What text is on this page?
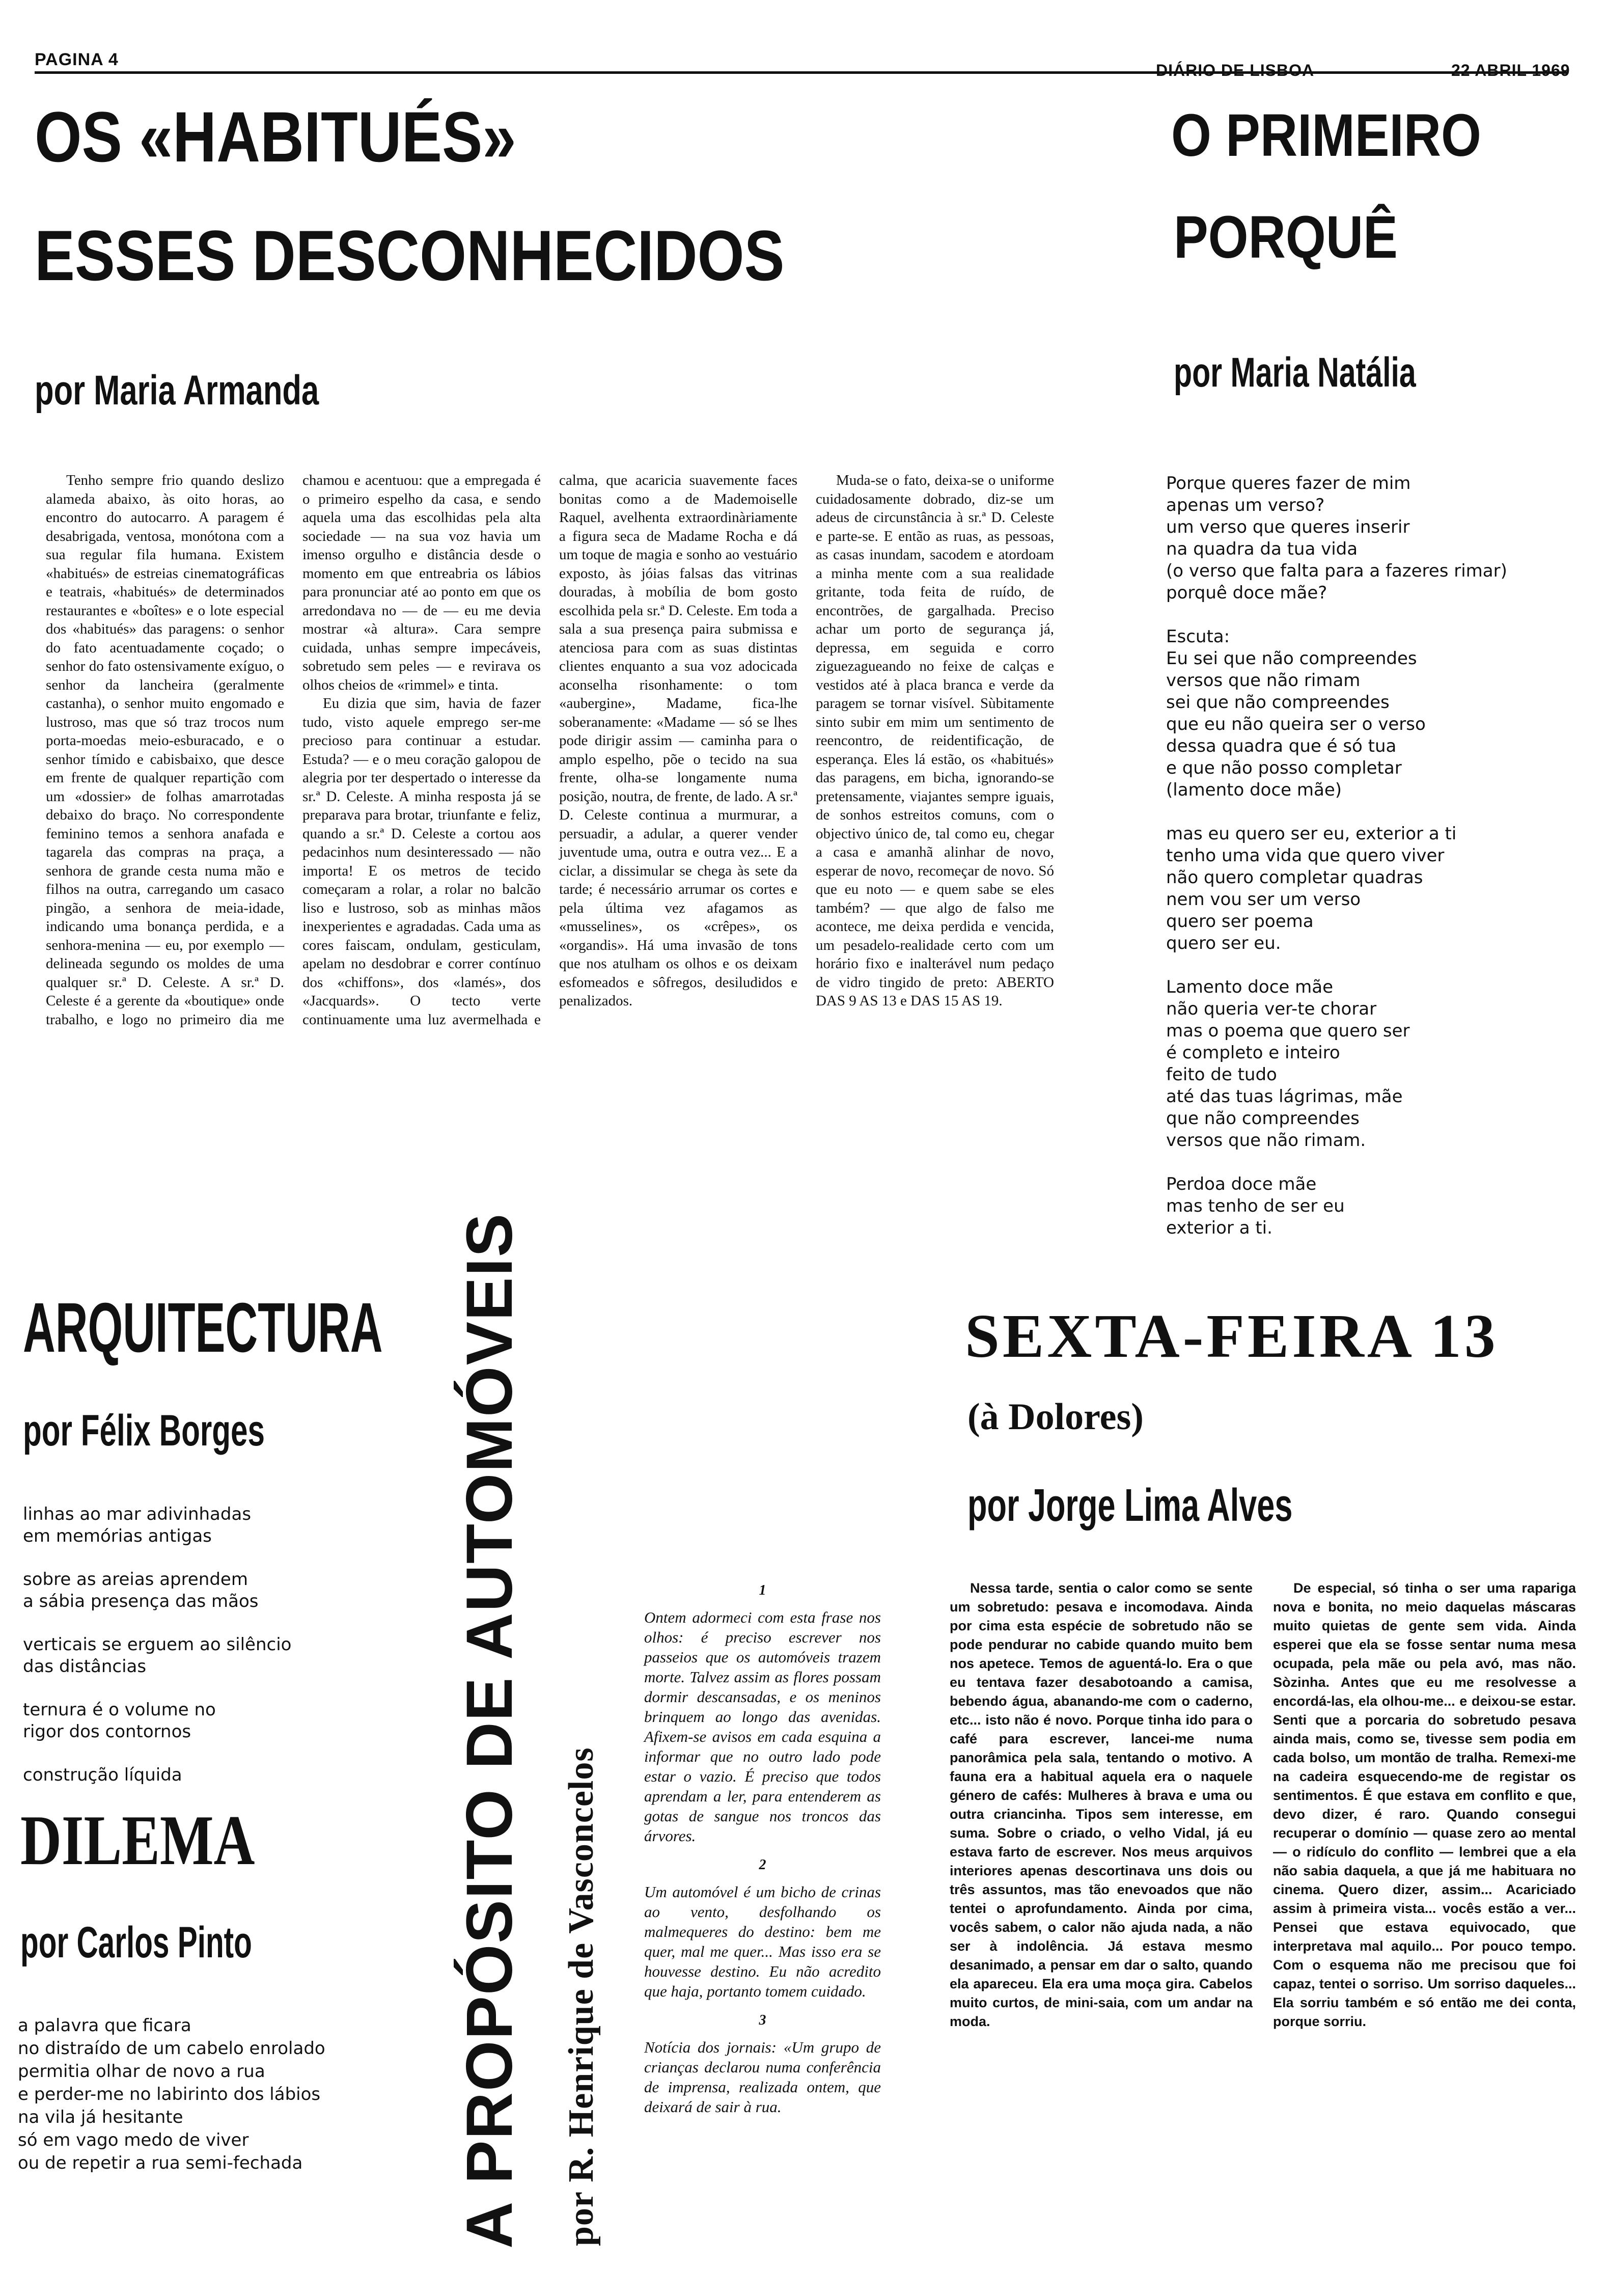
PAGINA 4
DIÁRIO DE LISBOA	22 ABRIL 1969
OS «HABITUÉS»
ESSES DESCONHECIDOS
por Maria Armanda

Tenho sempre frio quando deslizo alameda abaixo, às oito horas, ao encontro do autocarro. A paragem é desabrigada, ventosa, monótona com a sua regular fila humana. Existem «habitués» de estreias cinematográficas e teatrais, «habitués» de determinados restaurantes e «boîtes» e o lote especial dos «habitués» das paragens: o senhor do fato acentuadamente coçado; o senhor do fato ostensivamente exíguo, o senhor da lancheira (geralmente castanha), o senhor muito engomado e lustroso, mas que só traz trocos num porta-moedas meio-esburacado, e o senhor tímido e cabisbaixo, que desce em frente de qualquer repartição com um «dossier» de folhas amarrotadas debaixo do braço. No correspondente feminino temos a senhora anafada e tagarela das compras na praça, a senhora de grande cesta numa mão e filhos na outra, carregando um casaco pingão, a senhora de meia-idade, indicando uma bonança perdida, e a senhora-menina — eu, por exemplo — delineada segundo os moldes de uma qualquer sr.ª D. Celeste. A sr.ª D. Celeste é a gerente da «boutique» onde trabalho, e logo no primeiro dia me chamou e acentuou: que a empregada é o primeiro espelho da casa, e sendo aquela uma das escolhidas pela alta sociedade — na sua voz havia um imenso orgulho e distância desde o momento em que entreabria os lábios para pronunciar até ao ponto em que os arredondava no — de — eu me devia mostrar «à altura». Cara sempre cuidada, unhas sempre impecáveis, sobretudo sem peles — e revirava os olhos cheios de «rimmel» e tinta.

Eu dizia que sim, havia de fazer tudo, visto aquele emprego ser-me precioso para continuar a estudar. Estuda? — e o meu coração galopou de alegria por ter despertado o interesse da sr.ª D. Celeste. A minha resposta já se preparava para brotar, triunfante e feliz, quando a sr.ª D. Celeste a cortou aos pedacinhos num desinteressado — não importa! E os metros de tecido começaram a rolar, a rolar no balcão liso e lustroso, sob as minhas mãos inexperientes e agradadas. Cada uma as cores faiscam, ondulam, gesticulam, apelam no desdobrar e correr contínuo dos «chiffons», dos «lamés», dos «Jacquards». O tecto verte continuamente uma luz avermelhada e calma, que acaricia suavemente faces bonitas como a de Mademoiselle Raquel, avelhenta extraordinàriamente a figura seca de Madame Rocha e dá um toque de magia e sonho ao vestuário exposto, às jóias falsas das vitrinas douradas, à mobília de bom gosto escolhida pela sr.ª D. Celeste. Em toda a sala a sua presença paira submissa e atenciosa para com as suas distintas clientes enquanto a sua voz adocicada aconselha risonhamente: o tom «aubergine», Madame, fica-lhe soberanamente: «Madame — só se lhes pode dirigir assim — caminha para o amplo espelho, põe o tecido na sua frente, olha-se longamente numa posição, noutra, de frente, de lado. A sr.ª D. Celeste continua a murmurar, a persuadir, a adular, a querer vender juventude uma, outra e outra vez... E a ciclar, a dissimular se chega às sete da tarde; é necessário arrumar os cortes e pela última vez afagamos as «musselines», os «crêpes», os «organdis». Há uma invasão de tons que nos atulham os olhos e os deixam esfomeados e sôfregos, desiludidos e penalizados.

Muda-se o fato, deixa-se o uniforme cuidadosamente dobrado, diz-se um adeus de circunstância à sr.ª D. Celeste e parte-se. E então as ruas, as pessoas, as casas inundam, sacodem e atordoam a minha mente com a sua realidade gritante, toda feita de ruído, de encontrões, de gargalhada. Preciso achar um porto de segurança já, depressa, em seguida e corro ziguezagueando no feixe de calças e vestidos até à placa branca e verde da paragem se tornar visível. Sùbitamente sinto subir em mim um sentimento de reencontro, de reidentificação, de esperança. Eles lá estão, os «habitués» das paragens, em bicha, ignorando-se pretensamente, viajantes sempre iguais, de sonhos estreitos comuns, com o objectivo único de, tal como eu, chegar a casa e amanhã alinhar de novo, esperar de novo, recomeçar de novo. Só que eu noto — e quem sabe se eles também? — que algo de falso me acontece, me deixa perdida e vencida, um pesadelo-realidade certo com um horário fixo e inalterável num pedaço de vidro tingido de preto: ABERTO DAS 9 AS 13 e DAS 15 AS 19.

O PRIMEIRO
PORQUÊ
por Maria Natália
Porque queres fazer de mim
apenas um verso?
um verso que queres inserir
na quadra da tua vida
(o verso que falta para a fazeres rimar)
porquê doce mãe?
Escuta:
Eu sei que não compreendes
versos que não rimam
sei que não compreendes
que eu não queira ser o verso
dessa quadra que é só tua
e que não posso completar
(lamento doce mãe)
mas eu quero ser eu, exterior a ti
tenho uma vida que quero viver
não quero completar quadras
nem vou ser um verso
quero ser poema
quero ser eu.
Lamento doce mãe
não queria ver-te chorar
mas o poema que quero ser
é completo e inteiro
feito de tudo
até das tuas lágrimas, mãe
que não compreendes
versos que não rimam.
Perdoa doce mãe
mas tenho de ser eu
exterior a ti.
ARQUITECTURA
por Félix Borges
linhas ao mar adivinhadas
em memórias antigas
sobre as areias aprendem
a sábia presença das mãos
verticais se erguem ao silêncio
das distâncias
ternura é o volume no
rigor dos contornos
construção líquida
DILEMA
por Carlos Pinto
a palavra que ficara
no distraído de um cabelo enrolado
permitia olhar de novo a rua
e perder-me no labirinto dos lábios
na vila já hesitante
só em vago medo de viver
ou de repetir a rua semi-fechada	A PROPÓSITO DE AUTOMÓVEIS por R. Henrique de Vasconcelos
1
Ontem adormeci com esta frase nos olhos: é preciso escrever nos passeios que os automóveis trazem morte. Talvez assim as flores possam dormir descansadas, e os meninos brinquem ao longo das avenidas. Afixem-se avisos em cada esquina a informar que no outro lado pode estar o vazio. É preciso que todos aprendam a ler, para entenderem as gotas de sangue nos troncos das árvores.
2
Um automóvel é um bicho de crinas ao vento, desfolhando os malmequeres do destino: bem me quer, mal me quer... Mas isso era se houvesse destino. Eu não acredito que haja, portanto tomem cuidado.
3
Notícia dos jornais: «Um grupo de crianças declarou numa conferência de imprensa, realizada ontem, que deixará de sair à rua.
SEXTA-FEIRA 13
(à Dolores)
por Jorge Lima Alves

Nessa tarde, sentia o calor como se sente um sobretudo: pesava e incomodava. Ainda por cima esta espécie de sobretudo não se pode pendurar no cabide quando muito bem nos apetece. Temos de aguentá-lo. Era o que eu tentava fazer desabotoando a camisa, bebendo água, abanando-me com o caderno, etc... isto não é novo. Porque tinha ido para o café para escrever, lancei-me numa panorâmica pela sala, tentando o motivo. A fauna era a habitual aquela era o naquele género de cafés: Mulheres à brava e uma ou outra criancinha. Tipos sem interesse, em suma. Sobre o criado, o velho Vidal, já eu estava farto de escrever. Nos meus arquivos interiores apenas descortinava uns dois ou três assuntos, mas tão enevoados que não tentei o aprofundamento. Ainda por cima, vocês sabem, o calor não ajuda nada, a não ser à indolência. Já estava mesmo desanimado, a pensar em dar o salto, quando ela apareceu. Ela era uma moça gira. Cabelos muito curtos, de mini-saia, com um andar na moda.

De especial, só tinha o ser uma rapariga nova e bonita, no meio daquelas máscaras muito quietas de gente sem vida. Ainda esperei que ela se fosse sentar numa mesa ocupada, pela mãe ou pela avó, mas não. Sòzinha. Antes que eu me resolvesse a encordá-las, ela olhou-me... e deixou-se estar. Senti que a porcaria do sobretudo pesava ainda mais, como se, tivesse sem podia em cada bolso, um montão de tralha. Remexi-me na cadeira esquecendo-me de registar os sentimentos. É que estava em conflito e que, devo dizer, é raro. Quando consegui recuperar o domínio — quase zero ao mental — o ridículo do conflito — lembrei que a ela não sabia daquela, a que já me habituara no cinema. Quero dizer, assim... Acariciado assim à primeira vista... vocês estão a ver... Pensei que estava equivocado, que interpretava mal aquilo... Por pouco tempo. Com o esquema não me precisou que foi capaz, tentei o sorriso. Um sorriso daqueles... Ela sorriu também e só então me dei conta, porque sorriu.
